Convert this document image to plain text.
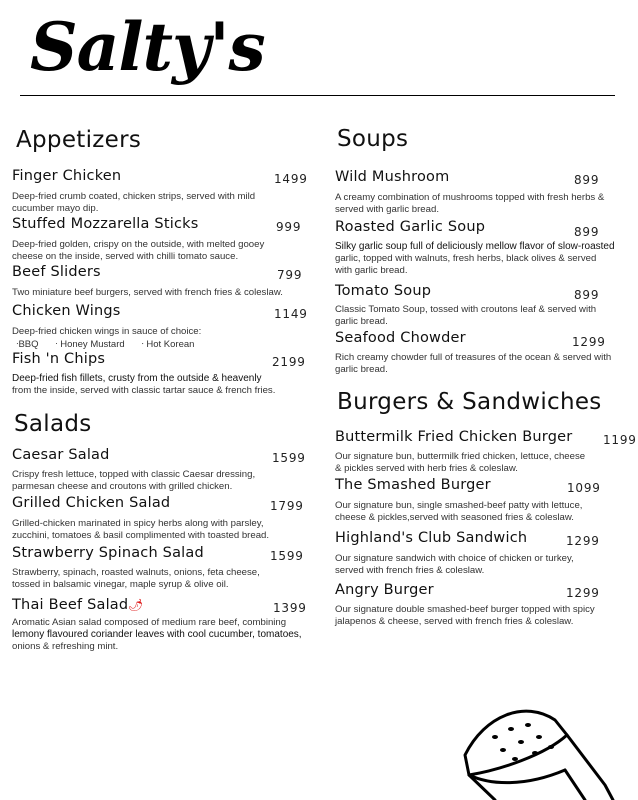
Salty's
Appetizers
Finger Chicken	1499
Deep-fried crumb coated, chicken strips, served with mild
cucumber mayo dip.
Stuffed Mozzarella Sticks	999
Deep-fried golden, crispy on the outside, with melted gooey
cheese on the inside, served with chilli tomato sauce.
Beef Sliders	799
Two miniature beef burgers, served with french fries & coleslaw.
Chicken Wings	1149
Deep-fried chicken wings in sauce of choice:
ᐧBBQ ᐧ Honey Mustard ᐧ Hot Korean
Fish 'n Chips	2199
Deep-fried fish fillets, crusty from the outside & heavenly
from the inside, served with classic tartar sauce & french fries.
Salads
Caesar Salad	1599
Crispy fresh lettuce, topped with classic Caesar dressing,
parmesan cheese and croutons with grilled chicken.
Grilled Chicken Salad	1799
Grilled-chicken marinated in spicy herbs along with parsley,
zucchini, tomatoes & basil complimented with toasted bread.
Strawberry Spinach Salad	1599
Strawberry, spinach, roasted walnuts, onions, feta cheese,
tossed in balsamic vinegar, maple syrup & olive oil.
Thai Beef Salad🌶	1399
Aromatic Asian salad composed of medium rare beef, combining
lemony flavoured coriander leaves with cool cucumber, tomatoes,
onions & refreshing mint.
Soups
Wild Mushroom	899
A creamy combination of mushrooms topped with fresh herbs &
served with garlic bread.
Roasted Garlic Soup	899
Silky garlic soup full of deliciously mellow flavor of slow-roasted
garlic, topped with walnuts, fresh herbs, black olives & served
with garlic bread.
Tomato Soup	899
Classic Tomato Soup, tossed with croutons leaf & served with
garlic bread.
Seafood Chowder	1299
Rich creamy chowder full of treasures of the ocean & served with
garlic bread.
Burgers & Sandwiches
Buttermilk Fried Chicken Burger	1199
Our signature bun, buttermilk fried chicken, lettuce, cheese
& pickles served with herb fries & coleslaw.
The Smashed Burger	1099
Our signature bun, single smashed-beef patty with lettuce,
cheese & pickles,served with seasoned fries & coleslaw.
Highland's Club Sandwich	1299
Our signature sandwich with choice of chicken or turkey,
served with french fries & coleslaw.
Angry Burger	1299
Our signature double smashed-beef burger topped with spicy
jalapenos & cheese, served with french fries & coleslaw.
